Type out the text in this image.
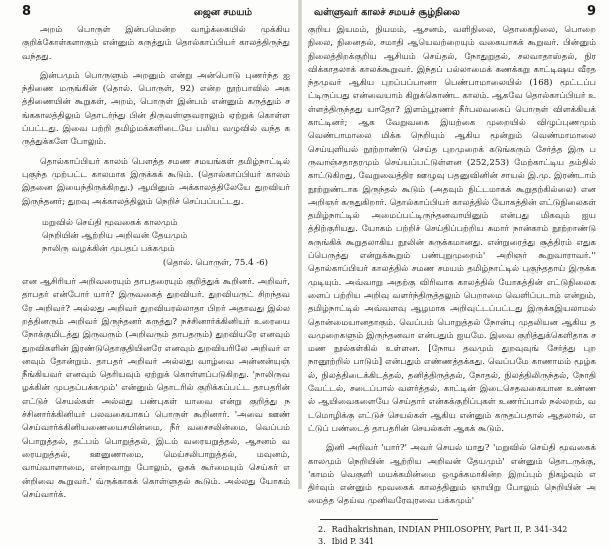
8	ஜைன சமயம்

அறம் பொருள் இன்பமென்ற வாழ்க்கையில் முக்கிய குறிக்கோள்களாகும் என்னும் கருத்தும் தொல்காப்பியர் காலத்திருந்து வந்தது.

இன்பமும் பொருளும் அறனும் என்று அன்பொடு புணர்ந்த ஐந்திணை மருங்கின் (தொல். பொருள், 92) என்ற நூற்பாவில் அகத்திணையின் கூறுகள், அறம், பொருள் இன்பம் என்னும் கருத்தும் சங்ககாலத்திலும் தொடர்ந்து பின் திருவள்ளுவராலும் ஏற்றுக் கொள்ளப்பட்டது. இவை பற்றி தமிழ்மக்களிடையே பலிய வழுவில் வந்த கருத்துக்களே போலும்.

தொல்காப்பியர் காலம் பௌத்த சமண சமயங்கள் தமிழ்நாட்டில் புகுந்த முற்பட்ட காலமாக இருக்கக் கூடும். (தொல்காப்பியர் காலம் இதனை இயைந்திருக்கிறது.) ஆயினும் அக்காலத்திலேயே துறவியர் இருந்தனர்; துறவு அக்காலத்திலும் நெறிச் செப்பப்பட்டது.

மறுவில் செய்தி மூவகைக் காலமும்
நெறியின் ஆற்றிய அறிவன் தேயமும்
நாலிரு வழக்கின் முபதப் பக்கமும்
(தொல். பொருள், 75.4 -6)

என ஆசிரியர் அறிவரையும் தாபதரையும் குறித்துக் கூறினர். அறிவர், தாபதர் என்போர் யார்? இருவகைத் துறவியர். துறவியருட் சிறந்தவரே அறிவர்? அல்லது அறிவர் துறவியரல்லாதா பிறர் அதாவது இல்லறத்தினரும் அறிவர் இருந்தனர் கருத்து? நச்சினார்க்கினியர் உரையை நோக்குமிடத்து இருவரும் (அறிவரும் தாபதரும்) துறவியரே எனவும் துறவிகளின் இரண்டுதொகுதியினரே எனவும் துறவியரிலே அறிவர் எனவும் தோன்றும். தாபதர் அறிவர் அல்லது வாழ்வை அன்னன்யுஞ் நீங்கியவர் எனவும் தெரியவும் ஏற்றுக் கொள்ளப்படுகிறது. 'நாலிருவழக்கின் முபதப்பக்கமும்' என்னும் தொடரில் குறிக்கப்பட்ட தாபதரின் எட்டுச் செயல்கள் அல்லது பண்புகள் யாவை என்று குறித்து நச்சினார்க்கினியர் பலவகையாகப் பொருள் கூறினார். 'அவை ஊண் செய்வார்க்கினியணையைசயின்மை, நீர் வசைசலின்மை, வெப்பம் பொறுத்தல், தட்பம் பொறுத்தல், இடம் வரையறுத்தல், ஆசனம் வரையறுத்தல், ஊனுணாமை, மெய்சலிபாறுத்தல், மவுனம், வாய்வாளாமை, என்றவாறு போலும், ஓகக் கூர்மையும் செய்கர் என்றிவை கூறுவர்.' வ்ருக்காகக் கொள்ளுதல் கூடும். அல்லது யோகம் செய்வார்க்.

வள்ளுவர் காலச் சமயச் சூழ்நிலை	9

குறிய இயமம், நியமம், ஆசனம், வளிநிலை, தொகைநிலை, பொறை நிலை, நினைதல், சமாதி ஆயெவற்றையும் வகையாகக் கூறுவர். பின்னும் நிலைத்திறக்குறிய ஆசியம் செய்தல், நோதுறுதல், சலவாதாஸ்தல், நிரவிக்காதலாக் காலக்கூறுவர். இந்தப் பல்லாமைக் கணக்கறு காட்டிஷய வீரதந்தமுவர் ஆகிய புறப்பப்பானா பெண்பாமாலையில் (168) மூட்டப்பட்டிருப்பது என்வையாம் கிறுக்கொண்ட காலம். ஆகவே தொல்காப்பியர் உள்ளத்திருந்தது யாதோ? இளம்பூரணர் நீர்பலவகைப் பொருள் விளக்கியக் காட்டினர்; ஆக வேறுவகை இயற்கை முறையில் விழுப்புணமும் வெண்பாமாலை மிக்க நெறியும் ஆகிய மூன்றும் வெண்மாமாலை செய்யுளியல் நூற்றாண்டு செய்த புறமுறைக் கடுங்கரும் சேர்த்த இரு பருவாஞ்சதாதரமும் செய்யப்பட்டுள்ளன (252,253) மேற்காட்டிய தம்தில் காட்டுகிறது, வேறுவைத்திர ஊழுவு பதனுவினின் சாயல் இ.மு. இரண்டாம் நூற்றுண்டாக இருந்தல் கூடும் (அதவும் நிட்டமாகக் கூறுதற்கில்லை) என அறிஞர் கருதுகிறார். தொல்காப்பியர் காலத்தில் யோகத்தின் எட்டுநிலைகள் தமிழ்நாட்டில் அமைப்பட்டிருந்தனவாயினும் என்பது மிகவும் ஐயத்திற்குரியது. யோகம் பற்றிச் செய்திப்பற்றிய சுமார் நான்காம் நூற்றாண்டு சுருங்கிக் கூறுதலாகிய நூலின் சுருக்கமானது. என்றுரைத்து சூத்திரம் எதுகப்பெருத்து என்றுக்கூறும் பண்புறுமுறைம்' அறிஞர் கூறுவாராவர்.'' தொல்காப்பியர் காலத்தில் சமண சமயம் தமிழ்நாட்டில் புகுந்ததாய் இருக்கமுடியும். அவ்வாறு அதற்கு விரிவாக காலத்தில் யோகத்தின் எட்டுநிலைகளைப் பற்றிய அறிவு வளர்ந்திருத்தலும் பெறாமை வெளிப்படாம் என்றும், தமிழ்நாட்டில் அவ்வளவு ஆழமாக அறிவுட்டப்பட்டது இருக்கஇயலாமல் தொன்மையானதாகும். வெப்பம் பொறுத்தல் நோன்பு முதலியன ஆகிய தவமுறைகளும் இருந்தனவா என்பதும் ஐயமே. இவை குறித்துக்கெளிதாக சமண நூல்கள்கில் உள்ளன. [நோய தவமும் துறவுவுங் சேர்த்து புறநானூற்றில் பாடும்] என்பதும் எண்ணத்தக்கது. வெப்பமே காணாமம் மூழ்கல், நிலத்திடைக்கிடத்தல், தனித்திருத்தல், நோதல், நிலத்திலிருந்தல், நோதி வேட்டல், சடைப்பால் வளர்த்தல், காட்டின் இடைசெதவகையான உண்ணல் ஆயிவைகளையே செய்தார் என்கக்குறிப்புகள் உணர்ப்பால் நல்லறம், வடமொழிக்கு எட்டுச் செயல்கள் ஆகிய என்னும் கருதப்பதால் ஆதலால், எட்டுப் பண்டைத் தாபதரின் செயல்கள் ஆகக் கூடும்.

இனி அறிவர் 'யார்?' அவர் செயல் யாது? 'மறுவில் செய்தி மூவகைக் காலமும் நெறியின் ஆற்றிய அறிவன் தேயமும்' என்னும் தொடருக்கு, 'காமம் வெகுளி மயக்கமின்மை ஒழுக்கமாகின்ற இறப்பும் நிகழ்வும் எதிர்வும் என்னும் மூவகைக் காலத்தினும் ஞாயிறு போலும் நெறியின் அமைத்த தெய்வ முனிவரேவுரவை பக்கமும்'

2. Radhakrishnan, INDIAN PHILOSOPHY, Part II, P. 341-342
3. Ibid P. 341
